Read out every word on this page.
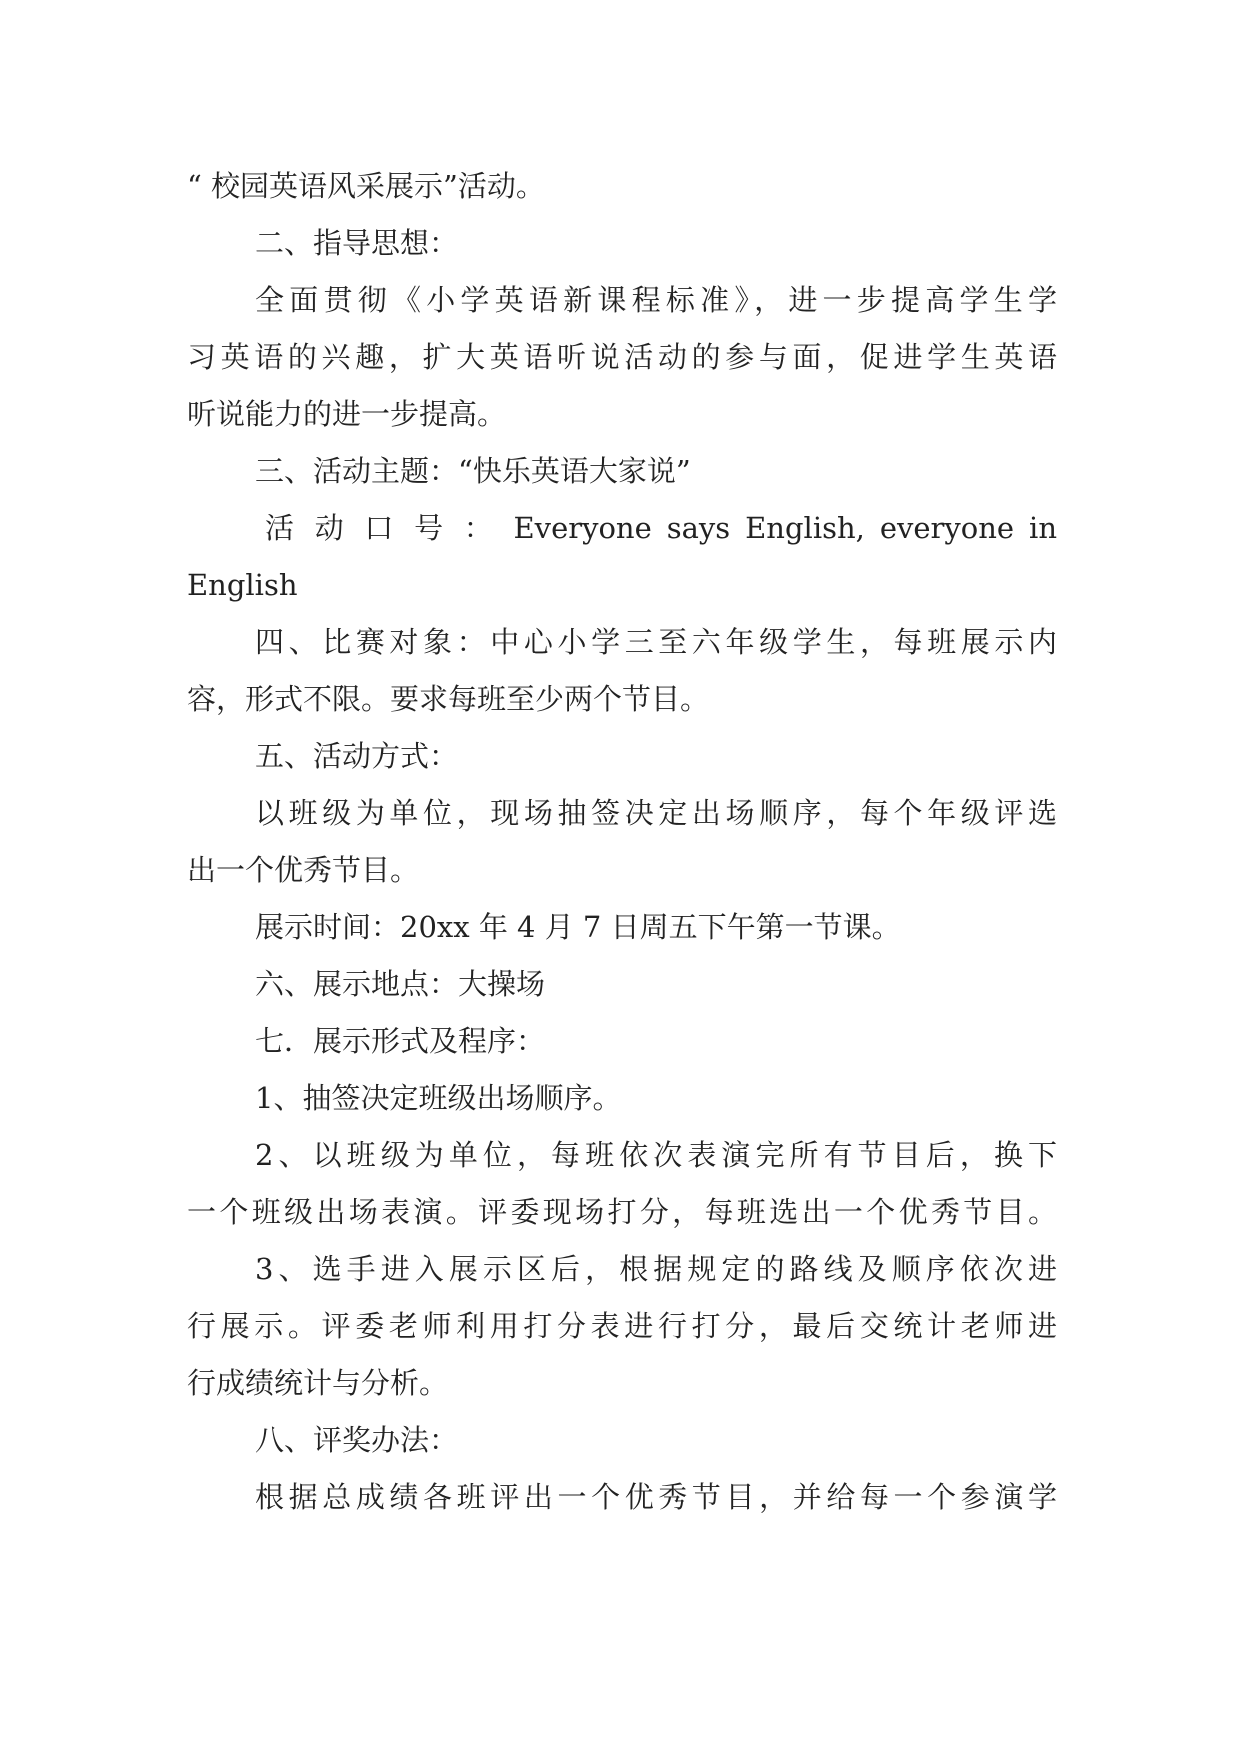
“ 校园英语风采展示”活动。
二、指导思想：
全面贯彻《小学英语新课程标准》，进一步提高学生学
习英语的兴趣，扩大英语听说活动的参与面，促进学生英语
听说能力的进一步提高。
三、活动主题：“快乐英语大家说”
活 动 口 号 ： Everyone says English, everyone in
English
四、比赛对象：中心小学三至六年级学生，每班展示内
容，形式不限。要求每班至少两个节目。
五、活动方式：
以班级为单位，现场抽签决定出场顺序，每个年级评选
出一个优秀节目。
展示时间：20xx 年 4 月 7 日周五下午第一节课。
六、展示地点：大操场
七．展示形式及程序：
1、抽签决定班级出场顺序。
2、以班级为单位，每班依次表演完所有节目后，换下
一个班级出场表演。评委现场打分，每班选出一个优秀节目。
3、选手进入展示区后，根据规定的路线及顺序依次进
行展示。评委老师利用打分表进行打分，最后交统计老师进
行成绩统计与分析。
八、评奖办法：
根据总成绩各班评出一个优秀节目，并给每一个参演学
